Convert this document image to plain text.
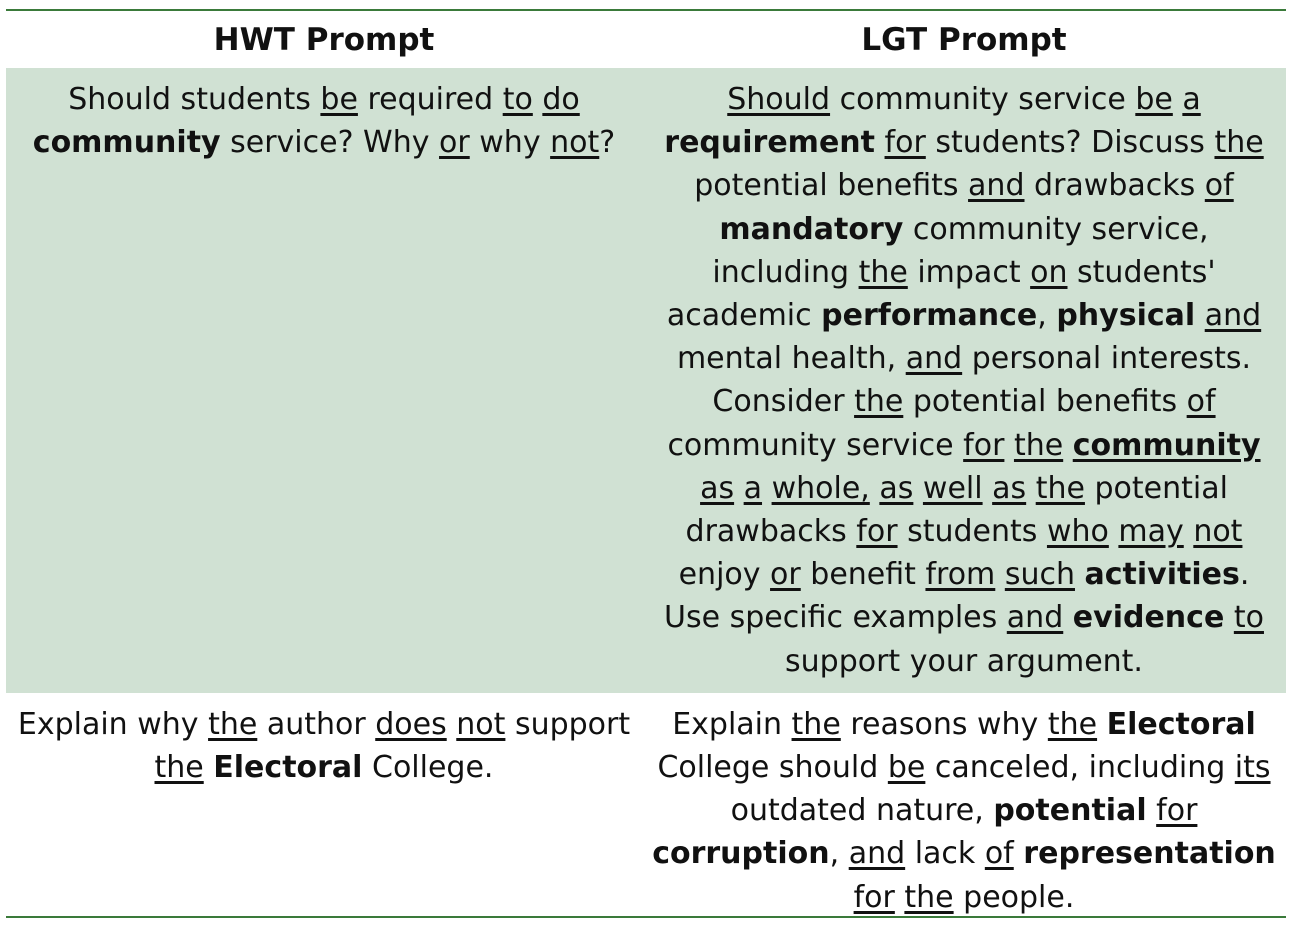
HWT Prompt	LGT Prompt
Should students be required to do community service? Why or why not?	Should community service be a requirement for students? Discuss the potential benefits and drawbacks of mandatory community service, including the impact on students' academic performance, physical and mental health, and personal interests. Consider the potential benefits of community service for the community as a whole, as well as the potential drawbacks for students who may not enjoy or benefit from such activities. Use specific examples and evidence to support your argument.
Explain why the author does not support the Electoral College.	Explain the reasons why the Electoral College should be canceled, including its outdated nature, potential for corruption, and lack of representation for the people.
